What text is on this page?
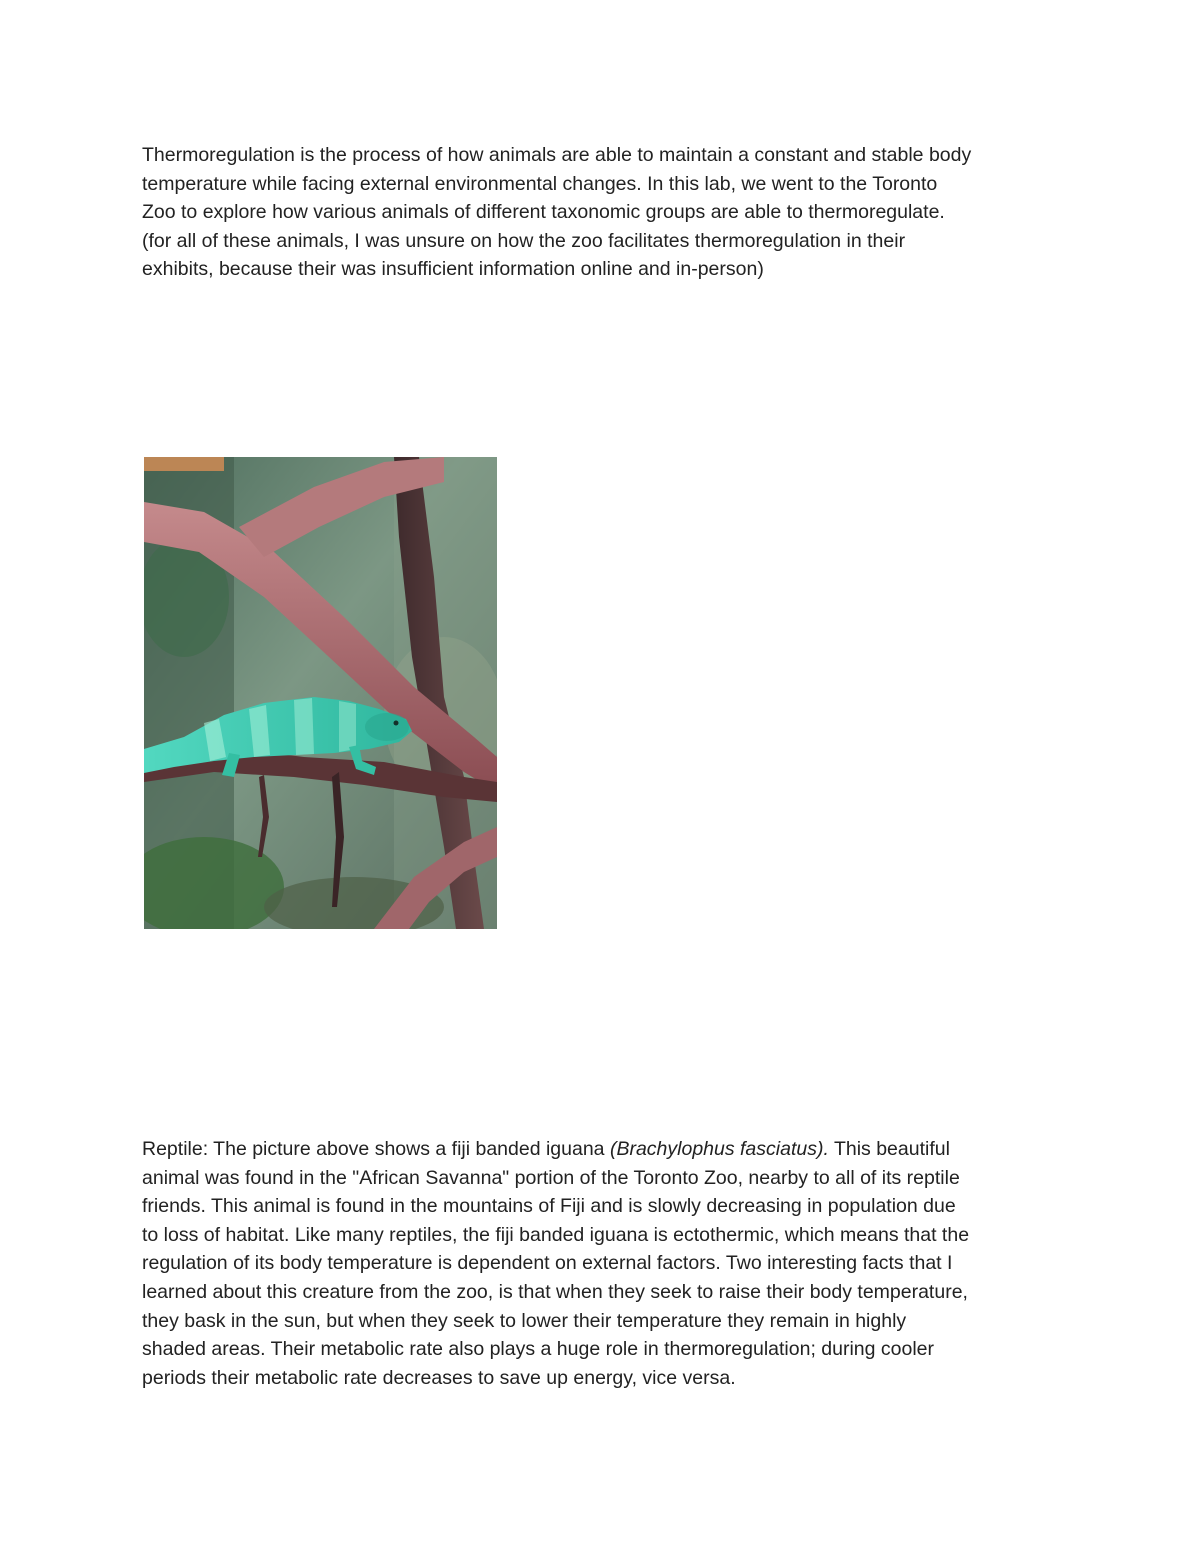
Thermoregulation is the process of how animals are able to maintain a constant and stable body
temperature while facing external environmental changes. In this lab, we went to the Toronto
Zoo to explore how various animals of different taxonomic groups are able to thermoregulate.
(for all of these animals, I was unsure on how the zoo facilitates thermoregulation in their
exhibits, because their was insufficient information online and in-person)
Reptile: The picture above shows a fiji banded iguana (Brachylophus fasciatus). This beautiful
animal was found in the "African Savanna" portion of the Toronto Zoo, nearby to all of its reptile
friends. This animal is found in the mountains of Fiji and is slowly decreasing in population due
to loss of habitat. Like many reptiles, the fiji banded iguana is ectothermic, which means that the
regulation of its body temperature is dependent on external factors. Two interesting facts that I
learned about this creature from the zoo, is that when they seek to raise their body temperature,
they bask in the sun, but when they seek to lower their temperature they remain in highly
shaded areas. Their metabolic rate also plays a huge role in thermoregulation; during cooler
periods their metabolic rate decreases to save up energy, vice versa.
